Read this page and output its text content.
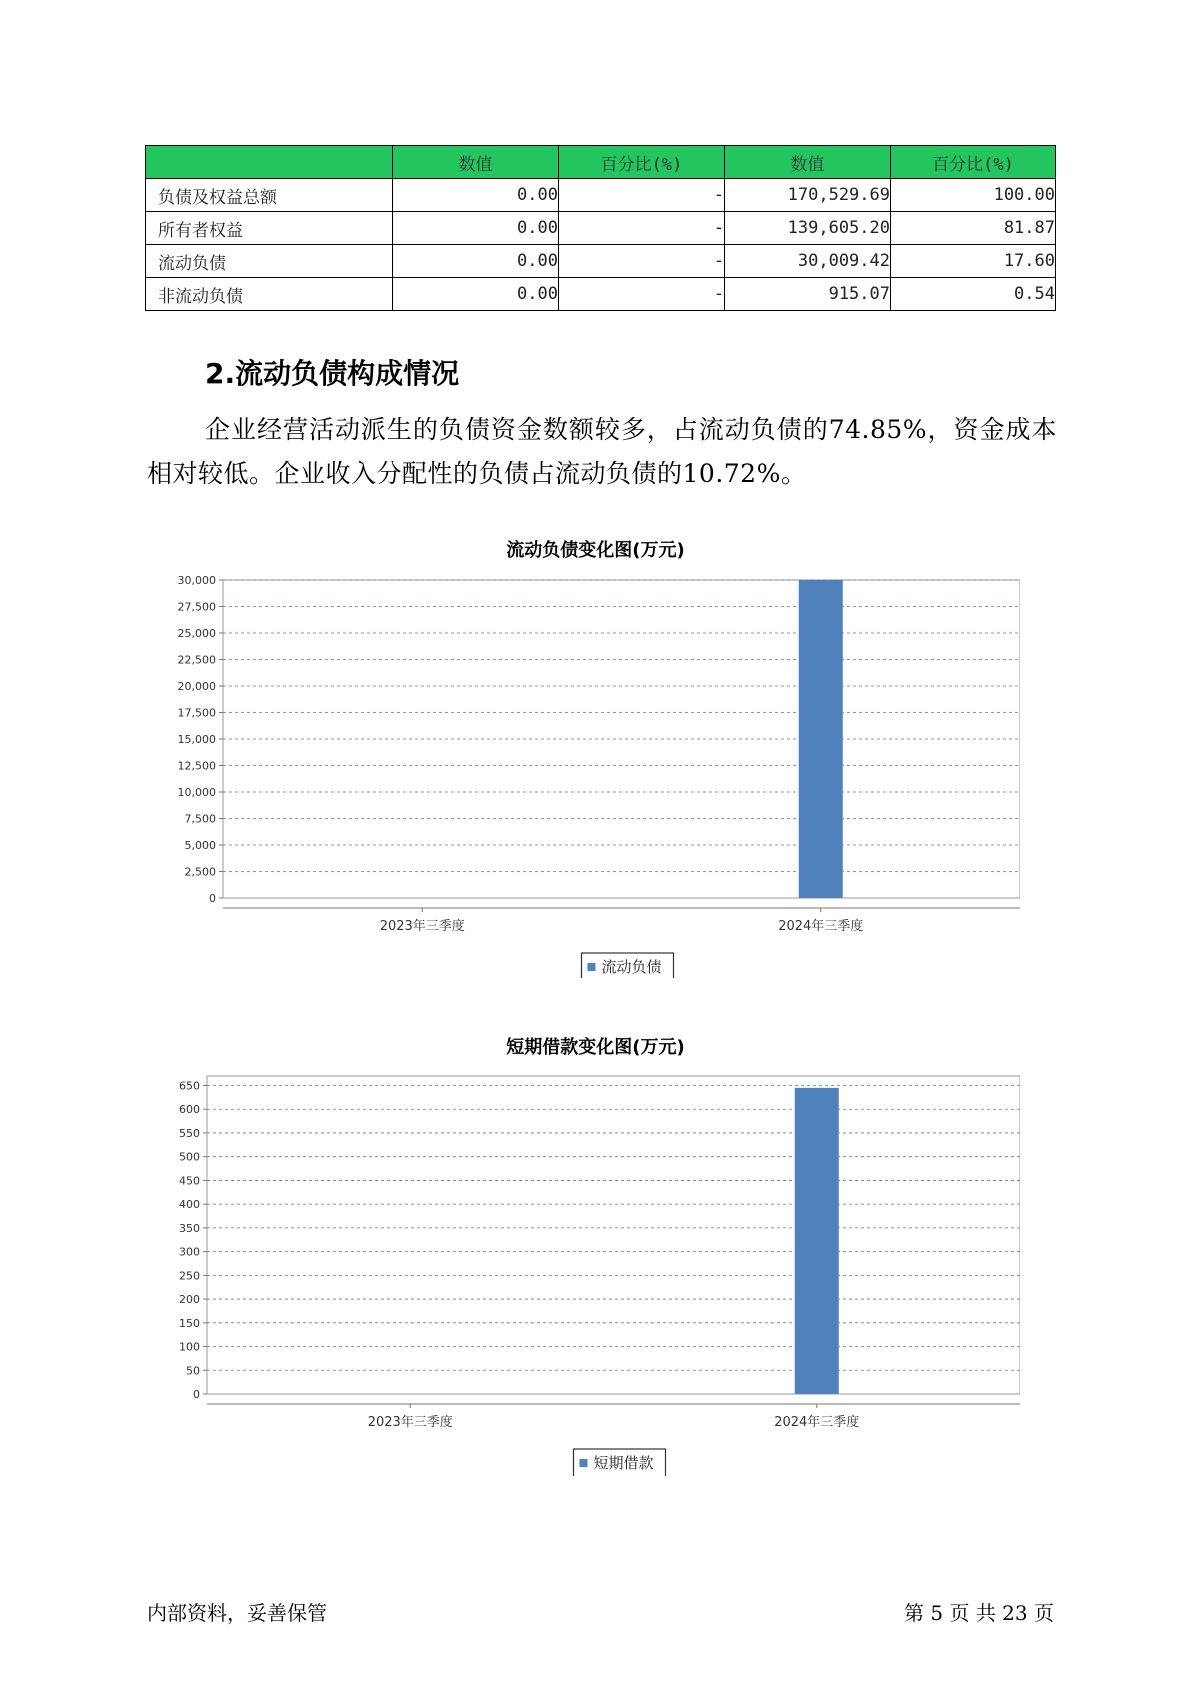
	数值	百分比(%)	数值	百分比(%)
负债及权益总额	0.00	-	170,529.69	100.00
所有者权益	0.00	-	139,605.20	81.87
流动负债	0.00	-	30,009.42	17.60
非流动负债	0.00	-	915.07	0.54
2.流动负债构成情况

企业经营活动派生的负债资金数额较多，占流动负债的74.85%，资金成本相对较低。企业收入分配性的负债占流动负债的10.72%。

流动负债变化图(万元)
0
2,500
5,000
7,500
10,000
12,500
15,000
17,500
20,000
22,500
25,000
27,500
30,000
2023年三季度	2024年三季度
流动负债
短期借款变化图(万元)
0
50
100
150
200
250
300
350
400
450
500
550
600
650
2023年三季度	2024年三季度
短期借款
内部资料，妥善保管	第 5 页 共 23 页
